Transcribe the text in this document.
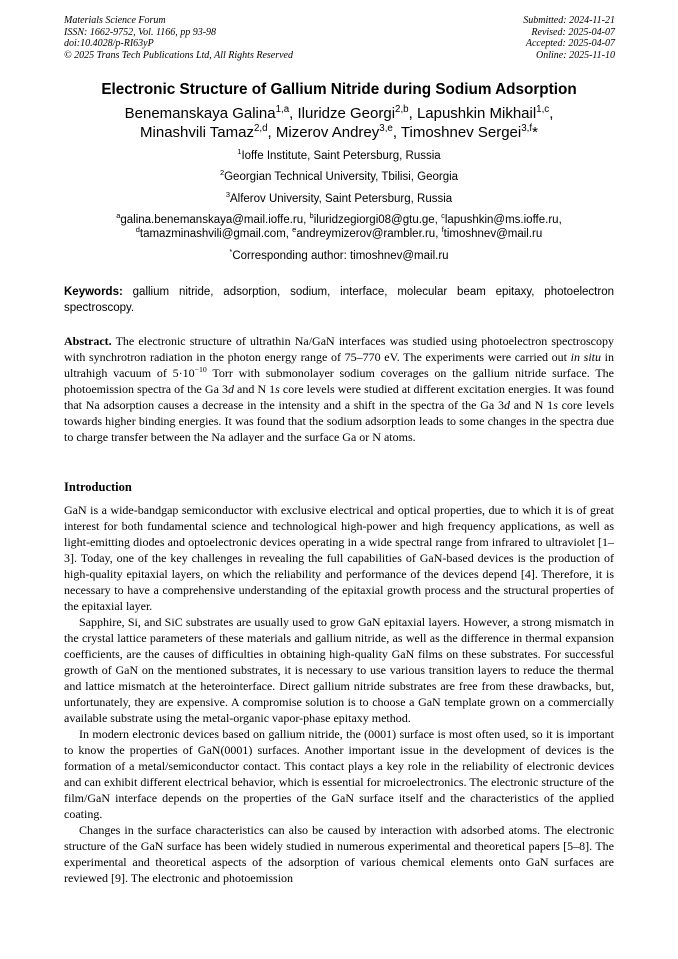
Materials Science Forum
ISSN: 1662-9752, Vol. 1166, pp 93-98
doi:10.4028/p-RI63yP
© 2025 Trans Tech Publications Ltd, All Rights Reserved
Submitted: 2024-11-21
Revised: 2025-04-07
Accepted: 2025-04-07
Online: 2025-11-10
Electronic Structure of Gallium Nitride during Sodium Adsorption
Benemanskaya Galina$^{1,a}$, Iluridze Georgi$^{2,b}$, Lapushkin Mikhail$^{1,c}$,
Minashvili Tamaz$^{2,d}$, Mizerov Andrey$^{3,e}$, Timoshnev Sergei$^{3,f}$*
$^1$Ioffe Institute, Saint Petersburg, Russia
$^2$Georgian Technical University, Tbilisi, Georgia
$^3$Alferov University, Saint Petersburg, Russia
$^a$galina.benemanskaya@mail.ioffe.ru, $^b$iluridzegiorgi08@gtu.ge, $^c$lapushkin@ms.ioffe.ru,
$^d$tamazminashvili@gmail.com, $^e$andreymizerov@rambler.ru, $^f$timoshnev@mail.ru
*Corresponding author: timoshnev@mail.ru
Keywords: gallium nitride, adsorption, sodium, interface, molecular beam epitaxy, photoelectron spectroscopy.
Abstract. The electronic structure of ultrathin Na/GaN interfaces was studied using photoelectron spectroscopy with synchrotron radiation in the photon energy range of 75–770 eV. The experiments were carried out in situ in ultrahigh vacuum of $5\cdot 10^{-10}$ Torr with submonolayer sodium coverages on the gallium nitride surface. The photoemission spectra of the Ga 3d and N 1s core levels were studied at different excitation energies. It was found that Na adsorption causes a decrease in the intensity and a shift in the spectra of the Ga 3d and N 1s core levels towards higher binding energies. It was found that the sodium adsorption leads to some changes in the spectra due to charge transfer between the Na adlayer and the surface Ga or N atoms.
Introduction

GaN is a wide-bandgap semiconductor with exclusive electrical and optical properties, due to which it is of great interest for both fundamental science and technological high-power and high frequency applications, as well as light-emitting diodes and optoelectronic devices operating in a wide spectral range from infrared to ultraviolet [1–3]. Today, one of the key challenges in revealing the full capabilities of GaN-based devices is the production of high-quality epitaxial layers, on which the reliability and performance of the devices depend [4]. Therefore, it is necessary to have a comprehensive understanding of the epitaxial growth process and the structural properties of the epitaxial layer.

Sapphire, Si, and SiC substrates are usually used to grow GaN epitaxial layers. However, a strong mismatch in the crystal lattice parameters of these materials and gallium nitride, as well as the difference in thermal expansion coefficients, are the causes of difficulties in obtaining high-quality GaN films on these substrates. For successful growth of GaN on the mentioned substrates, it is necessary to use various transition layers to reduce the thermal and lattice mismatch at the heterointerface. Direct gallium nitride substrates are free from these drawbacks, but, unfortunately, they are expensive. A compromise solution is to choose a GaN template grown on a commercially available substrate using the metal-organic vapor-phase epitaxy method.

In modern electronic devices based on gallium nitride, the (0001) surface is most often used, so it is important to know the properties of GaN(0001) surfaces. Another important issue in the development of devices is the formation of a metal/semiconductor contact. This contact plays a key role in the reliability of electronic devices and can exhibit different electrical behavior, which is essential for microelectronics. The electronic structure of the film/GaN interface depends on the properties of the GaN surface itself and the characteristics of the applied coating.

Changes in the surface characteristics can also be caused by interaction with adsorbed atoms. The electronic structure of the GaN surface has been widely studied in numerous experimental and theoretical papers [5–8]. The experimental and theoretical aspects of the adsorption of various chemical elements onto GaN surfaces are reviewed [9]. The electronic and photoemission
